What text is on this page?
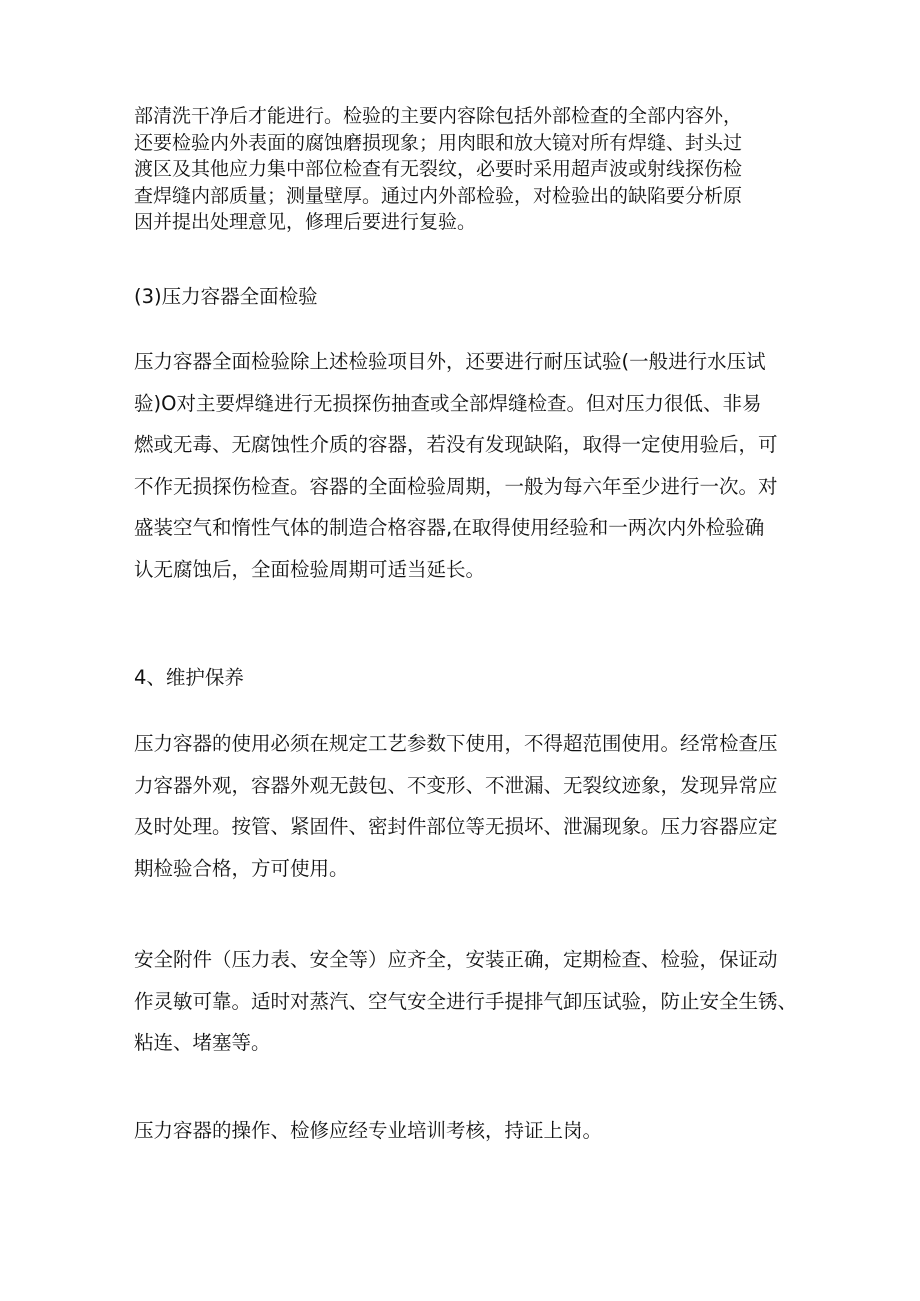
部清洗干净后才能进行。检验的主要内容除包括外部检查的全部内容外，
还要检验内外表面的腐蚀磨损现象；用肉眼和放大镜对所有焊缝、封头过
渡区及其他应力集中部位检查有无裂纹，必要时采用超声波或射线探伤检
查焊缝内部质量；测量壁厚。通过内外部检验，对检验出的缺陷要分析原
因并提出处理意见，修理后要进行复验。
(3)压力容器全面检验
压力容器全面检验除上述检验项目外，还要进行耐压试验(一般进行水压试
验)O对主要焊缝进行无损探伤抽查或全部焊缝检查。但对压力很低、非易
燃或无毒、无腐蚀性介质的容器，若没有发现缺陷，取得一定使用验后，可
不作无损探伤检查。容器的全面检验周期，一般为每六年至少进行一次。对
盛装空气和惰性气体的制造合格容器,在取得使用经验和一两次内外检验确
认无腐蚀后，全面检验周期可适当延长。
4、维护保养
压力容器的使用必须在规定工艺参数下使用，不得超范围使用。经常检查压
力容器外观，容器外观无鼓包、不变形、不泄漏、无裂纹迹象，发现异常应
及时处理。按管、紧固件、密封件部位等无损坏、泄漏现象。压力容器应定
期检验合格，方可使用。
安全附件（压力表、安全等）应齐全，安装正确，定期检查、检验，保证动
作灵敏可靠。适时对蒸汽、空气安全进行手提排气卸压试验，防止安全生锈、
粘连、堵塞等。
压力容器的操作、检修应经专业培训考核，持证上岗。
